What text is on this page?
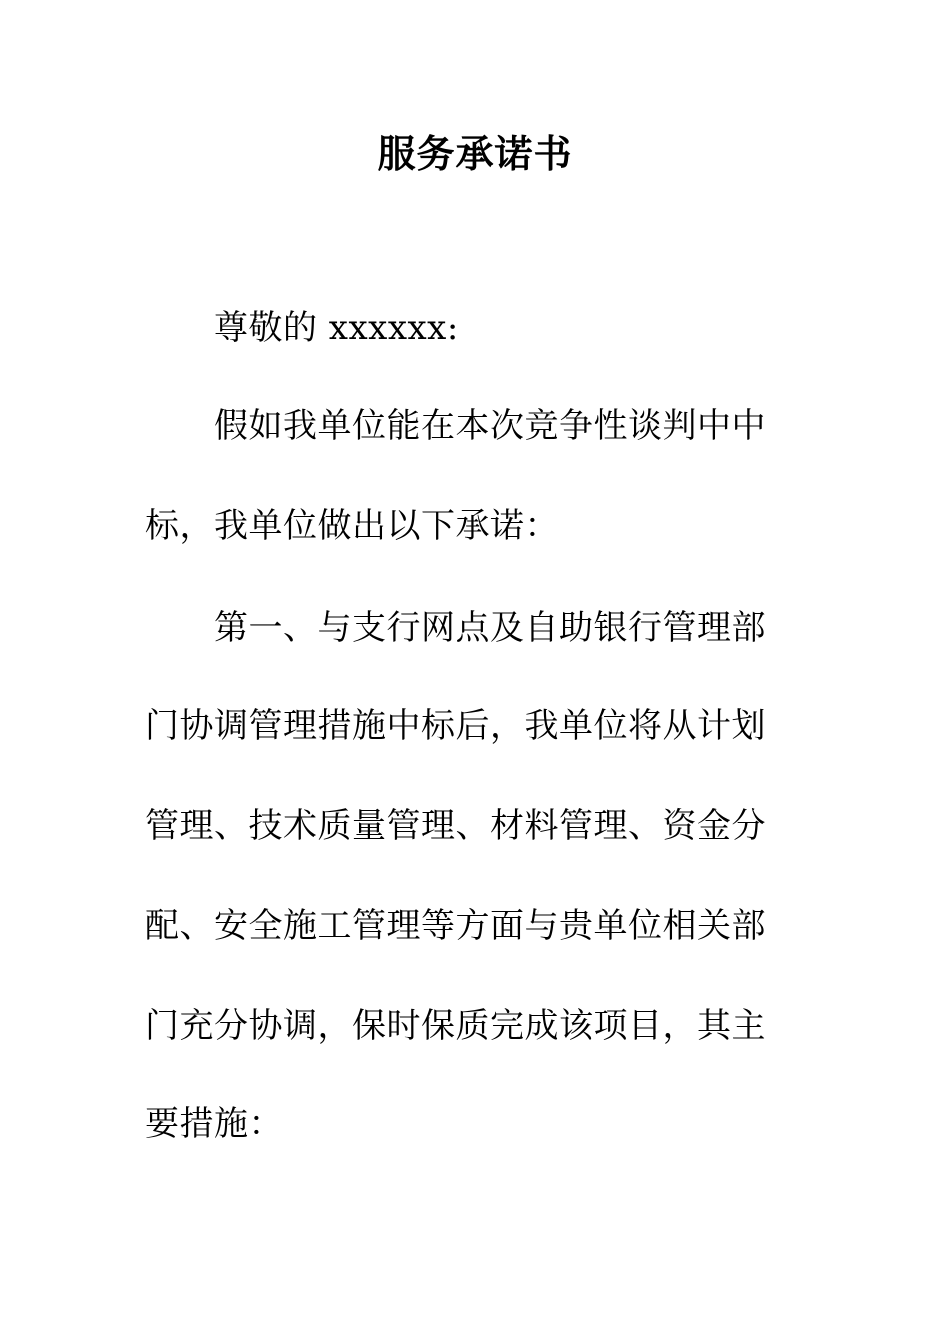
服务承诺书
尊敬的 xxxxxx:
假如我单位能在本次竞争性谈判中中
标，我单位做出以下承诺：
第一、与支行网点及自助银行管理部
门协调管理措施中标后，我单位将从计划
管理、技术质量管理、材料管理、资金分
配、安全施工管理等方面与贵单位相关部
门充分协调，保时保质完成该项目，其主
要措施：
